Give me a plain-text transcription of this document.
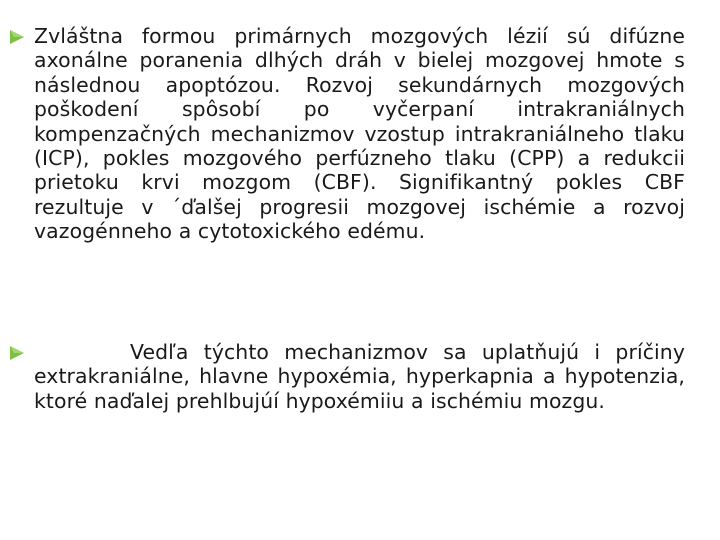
Zvláštna formou primárnych mozgových lézií sú difúzne axonálne poranenia dlhých dráh v bielej mozgovej hmote s následnou apoptózou. Rozvoj sekundárnych mozgových poškodení spôsobí po vyčerpaní intrakraniálnych kompenzačných mechanizmov vzostup intrakraniálneho tlaku (ICP), pokles mozgového perfúzneho tlaku (CPP) a redukcii prietoku krvi mozgom (CBF). Signifikantný pokles CBF rezultuje v ´ďalšej progresii mozgovej ischémie a rozvoj vazogénneho a cytotoxického edému.

Vedľa týchto mechanizmov sa uplatňujú i príčiny extrakraniálne, hlavne hypoxémia, hyperkapnia a hypotenzia, ktoré naďalej prehlbujúí hypoxémiiu a ischémiu mozgu.
